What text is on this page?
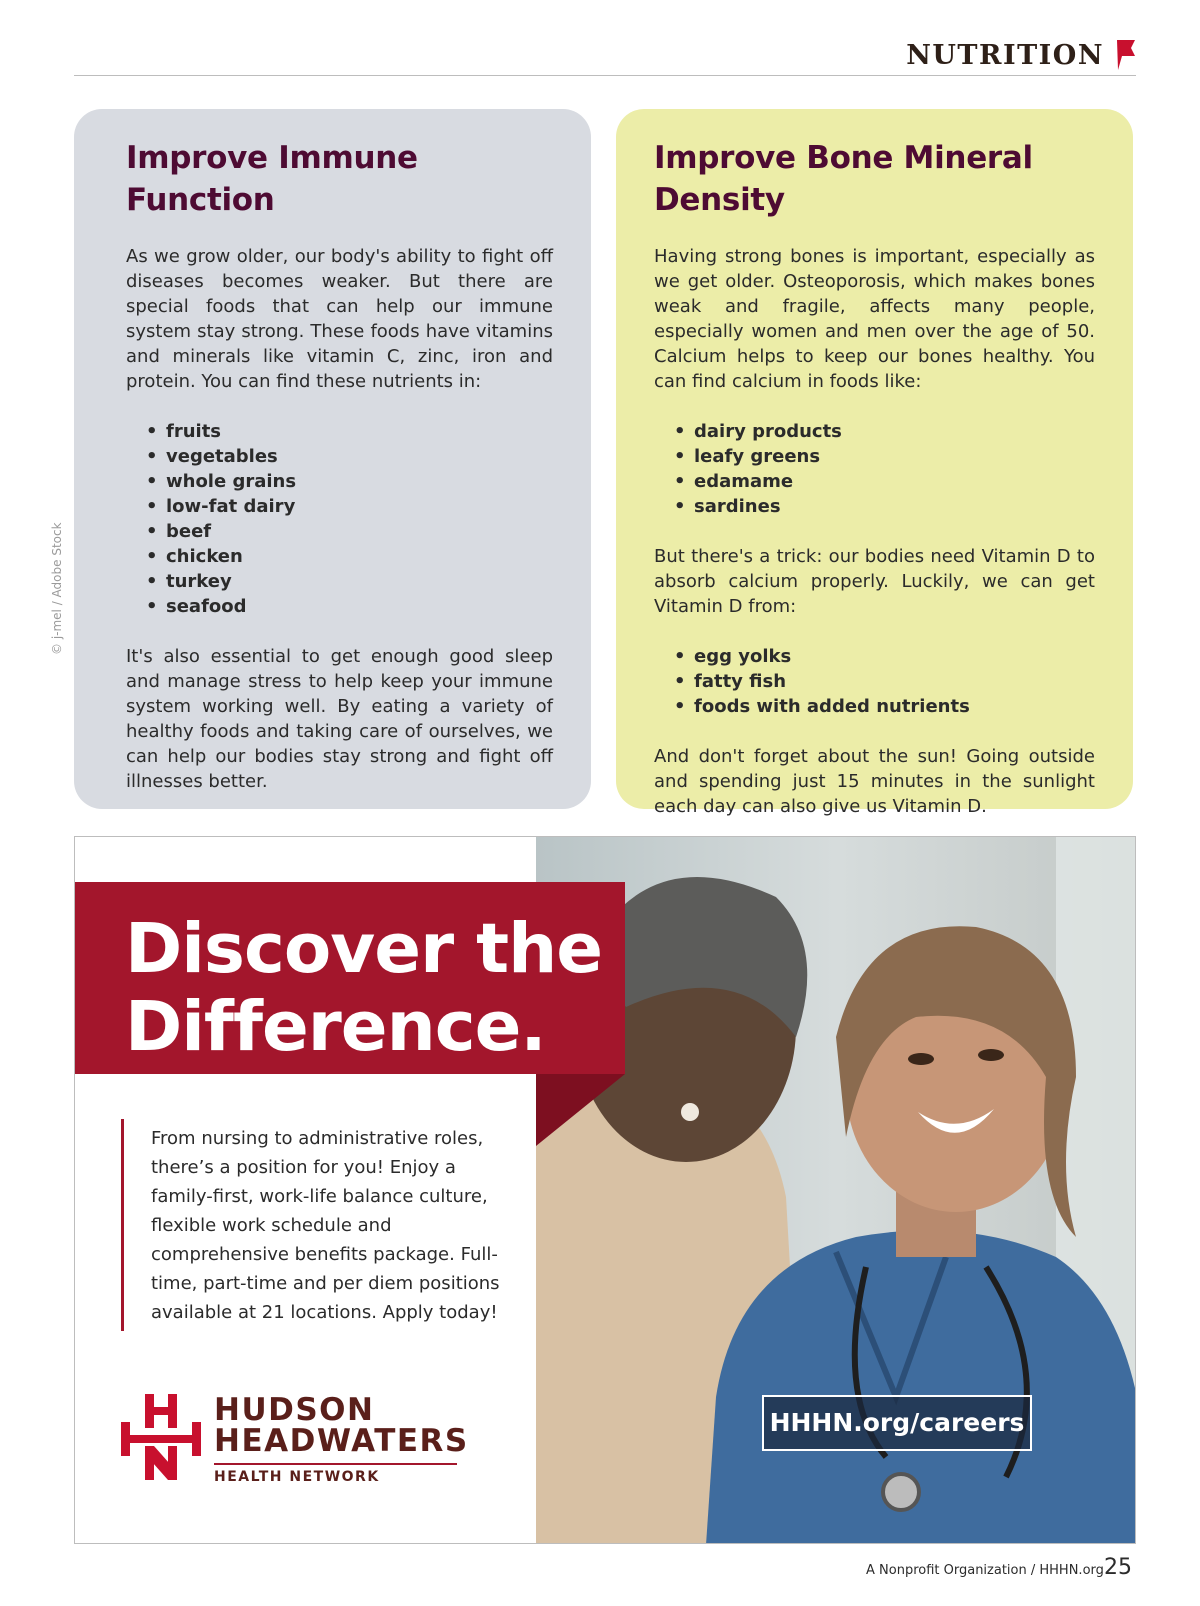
NUTRITION
© j-mel / Adobe Stock
Improve Immune
Function

As we grow older, our body's ability to fight off diseases becomes weaker. But there are special foods that can help our immune system stay strong. These foods have vitamins and minerals like vitamin C, zinc, iron and protein. You can find these nutrients in:

• fruits
• vegetables
• whole grains
• low-fat dairy
• beef
• chicken
• turkey
• seafood

It's also essential to get enough good sleep and manage stress to help keep your immune system working well. By eating a variety of healthy foods and taking care of ourselves, we can help our bodies stay strong and fight off illnesses better.

Improve Bone Mineral
Density

Having strong bones is important, especially as we get older. Osteoporosis, which makes bones weak and fragile, affects many people, especially women and men over the age of 50. Calcium helps to keep our bones healthy. You can find calcium in foods like:

• dairy products
• leafy greens
• edamame
• sardines

But there's a trick: our bodies need Vitamin D to absorb calcium properly. Luckily, we can get Vitamin D from:

• egg yolks
• fatty fish
• foods with added nutrients

And don't forget about the sun! Going outside and spending just 15 minutes in the sunlight each day can also give us Vitamin D.

Discover the
Difference.

From nursing to administrative roles, there’s a position for you! Enjoy a family-first, work-life balance culture, flexible work schedule and comprehensive benefits package. Full-time, part-time and per diem positions available at 21 locations. Apply today!

HUDSON
HEADWATERS
HEALTH NETWORK
HHHN.org/careers
A Nonprofit Organization / HHHN.org 25
